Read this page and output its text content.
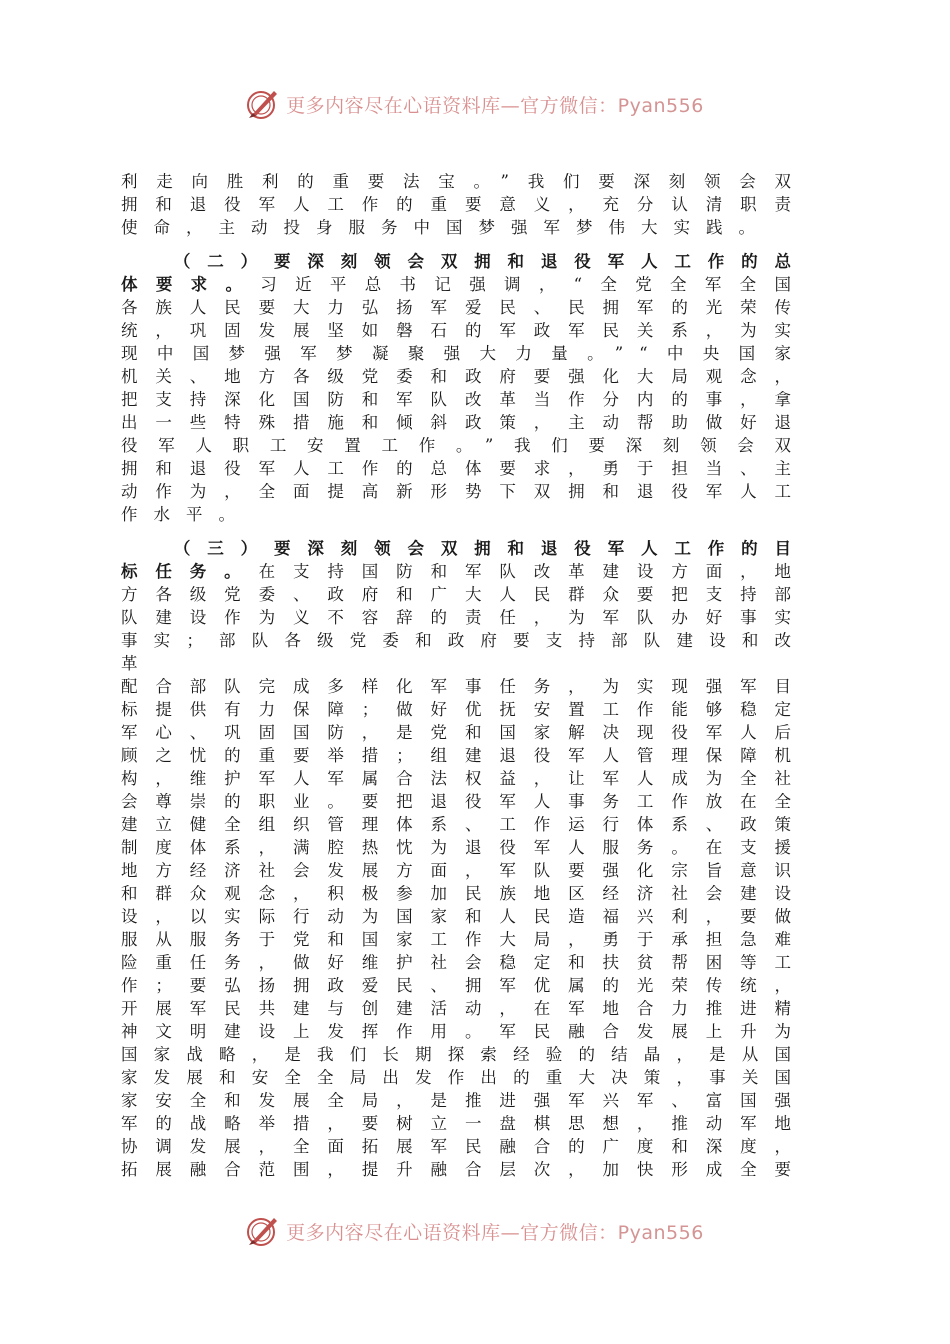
更多内容尽在心语资料库—官方微信：Pyan556

利走向胜利的重要法宝。”我们要深刻领会双

拥和退役军人工作的重要意义，充分认清职责

使命，主动投身服务中国梦强军梦伟大实践。

（二）要深刻领会双拥和退役军人工作的总

体要求。习近平总书记强调，“全党全军全国

各族人民要大力弘扬军爱民、民拥军的光荣传

统，巩固发展坚如磐石的军政军民关系，为实

现中国梦强军梦凝聚强大力量。”“中央国家

机关、地方各级党委和政府要强化大局观念，

把支持深化国防和军队改革当作分内的事，拿

出一些特殊措施和倾斜政策，主动帮助做好退

役军人职工安置工作。”我们要深刻领会双

拥和退役军人工作的总体要求，勇于担当、主

动作为，全面提高新形势下双拥和退役军人工

作水平。

（三）要深刻领会双拥和退役军人工作的目

标任务。在支持国防和军队改革建设方面，地

方各级党委、政府和广大人民群众要把支持部

队建设作为义不容辞的责任，为军队办好事实

事实；部队各级党委和政府要支持部队建设和改革

配合部队完成多样化军事任务，为实现强军目

标提供有力保障；做好优抚安置工作能够稳定

军心、巩固国防，是党和国家解决现役军人后

顾之忧的重要举措；组建退役军人管理保障机

构，维护军人军属合法权益，让军人成为全社

会尊崇的职业。要把退役军人事务工作放在全

建立健全组织管理体系、工作运行体系、政策

制度体系，满腔热忱为退役军人服务。在支援

地方经济社会发展方面，军队要强化宗旨意识

和群众观念，积极参加民族地区经济社会建设

设，以实际行动为国家和人民造福兴利，要做

服从服务于党和国家工作大局，勇于承担急难

险重任务，做好维护社会稳定和扶贫帮困等工

作；要弘扬拥政爱民、拥军优属的光荣传统，

开展军民共建与创建活动，在军地合力推进精

神文明建设上发挥作用。军民融合发展上升为

国家战略，是我们长期探索经验的结晶，是从国

家发展和安全全局出发作出的重大决策，事关国

家安全和发展全局，是推进强军兴军、富国强

军的战略举措，要树立一盘棋思想，推动军地

协调发展，全面拓展军民融合的广度和深度，

拓展融合范围，提升融合层次，加快形成全要

更多内容尽在心语资料库—官方微信：Pyan556
